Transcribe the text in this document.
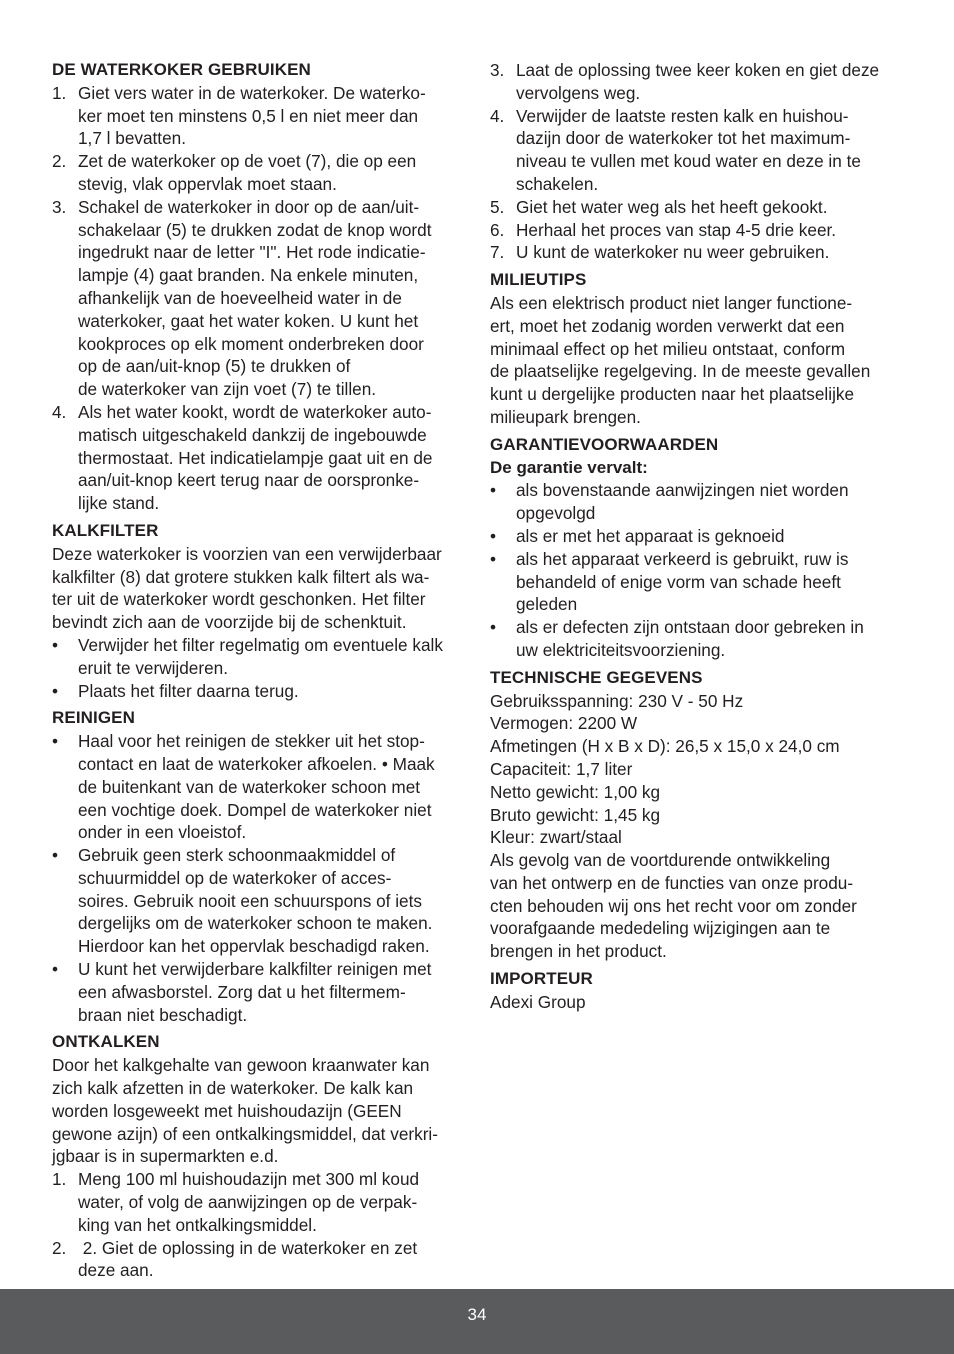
DE WATERKOKER GEBRUIKEN
1. Giet vers water in de waterkoker. De waterko-
ker moet ten minstens 0,5 l en niet meer dan
1,7 l bevatten.
2. Zet de waterkoker op de voet (7), die op een
stevig, vlak oppervlak moet staan.
3. Schakel de waterkoker in door op de aan/uit-
schakelaar (5) te drukken zodat de knop wordt
ingedrukt naar de letter "I". Het rode indicatie-
lampje (4) gaat branden. Na enkele minuten,
afhankelijk van de hoeveelheid water in de
waterkoker, gaat het water koken. U kunt het
kookproces op elk moment onderbreken door
op de aan/uit-knop (5) te drukken of
de waterkoker van zijn voet (7) te tillen.
4. Als het water kookt, wordt de waterkoker auto-
matisch uitgeschakeld dankzij de ingebouwde
thermostaat. Het indicatielampje gaat uit en de
aan/uit-knop keert terug naar de oorspronke-
lijke stand.
KALKFILTER

Deze waterkoker is voorzien van een verwijderbaar
kalkfilter (8) dat grotere stukken kalk filtert als wa-
ter uit de waterkoker wordt geschonken. Het filter
bevindt zich aan de voorzijde bij de schenktuit.

• Verwijder het filter regelmatig om eventuele kalk
eruit te verwijderen.
• Plaats het filter daarna terug.
REINIGEN
• Haal voor het reinigen de stekker uit het stop-
contact en laat de waterkoker afkoelen. • Maak
de buitenkant van de waterkoker schoon met
een vochtige doek. Dompel de waterkoker niet
onder in een vloeistof.
• Gebruik geen sterk schoonmaakmiddel of
schuurmiddel op de waterkoker of acces-
soires. Gebruik nooit een schuurspons of iets
dergelijks om de waterkoker schoon te maken.
Hierdoor kan het oppervlak beschadigd raken.
• U kunt het verwijderbare kalkfilter reinigen met
een afwasborstel. Zorg dat u het filtermem-
braan niet beschadigt.
ONTKALKEN

Door het kalkgehalte van gewoon kraanwater kan
zich kalk afzetten in de waterkoker. De kalk kan
worden losgeweekt met huishoudazijn (GEEN
gewone azijn) of een ontkalkingsmiddel, dat verkri-
jgbaar is in supermarkten e.d.

1. Meng 100 ml huishoudazijn met 300 ml koud
water, of volg de aanwijzingen op de verpak-
king van het ontkalkingsmiddel.
2. 2. Giet de oplossing in de waterkoker en zet
deze aan.
3. Laat de oplossing twee keer koken en giet deze
vervolgens weg.
4. Verwijder de laatste resten kalk en huishou-
dazijn door de waterkoker tot het maximum-
niveau te vullen met koud water en deze in te
schakelen.
5. Giet het water weg als het heeft gekookt.
6. Herhaal het proces van stap 4-5 drie keer.
7. U kunt de waterkoker nu weer gebruiken.
MILIEUTIPS

Als een elektrisch product niet langer functione-
ert, moet het zodanig worden verwerkt dat een
minimaal effect op het milieu ontstaat, conform
de plaatselijke regelgeving. In de meeste gevallen
kunt u dergelijke producten naar het plaatselijke
milieupark brengen.

GARANTIEVOORWAARDEN
De garantie vervalt:
• als bovenstaande aanwijzingen niet worden
opgevolgd
• als er met het apparaat is geknoeid
• als het apparaat verkeerd is gebruikt, ruw is
behandeld of enige vorm van schade heeft
geleden
• als er defecten zijn ontstaan door gebreken in
uw elektriciteitsvoorziening.
TECHNISCHE GEGEVENS

Gebruiksspanning: 230 V - 50 Hz
Vermogen: 2200 W
Afmetingen (H x B x D): 26,5 x 15,0 x 24,0 cm
Capaciteit: 1,7 liter
Netto gewicht: 1,00 kg
Bruto gewicht: 1,45 kg
Kleur: zwart/staal
Als gevolg van de voortdurende ontwikkeling
van het ontwerp en de functies van onze produ-
cten behouden wij ons het recht voor om zonder
voorafgaande mededeling wijzigingen aan te
brengen in het product.

IMPORTEUR

Adexi Group

34
